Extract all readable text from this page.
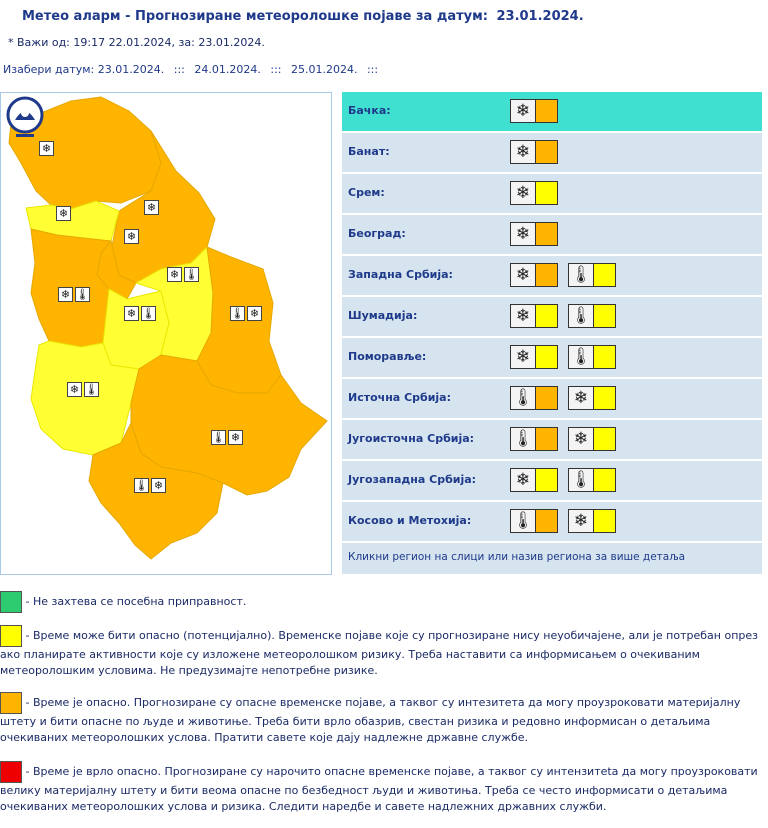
Метео аларм - Прогнозиране метеоролошке појаве за датум: 23.01.2024.
* Важи од: 19:17 22.01.2024, за: 23.01.2024.
Изабери датум: 23.01.2024. ::: 24.01.2024. ::: 25.01.2024. :::
❄
❄	❄
❄
❄ 🌡
❄ 🌡
❄ 🌡	🌡 ❄
❄ 🌡
🌡 ❄
🌡 ❄
Бачка:	❄
Банат:	❄
Срем:	❄
Београд:	❄
Западна Србија:	❄ 🌡
Шумадија:	❄ 🌡
Поморавље:	❄ 🌡
Источна Србија:	🌡 ❄
Југоисточна Србија: 🌡 ❄
Југозападна Србија: ❄ 🌡
Косово и Метохија: 🌡 ❄
Кликни регион на слици или назив региона за више детаља
- Не захтева се посебна приправност.
- Време може бити опасно (потенцијално). Временске појаве које су прогнозиране нису неуобичајене, али је потребан опрез ако планирате активности које су изложене метеоролошком ризику. Треба наставити са информисањем о очекиваним метеоролошким условима. Не предузимајте непотребне ризике.
- Време је опасно. Прогнозиране су опасне временске појаве, а таквог су интезитета да могу проузроковати материјалну штету и бити опасне по људе и животиње. Треба бити врло обазрив, свестан ризика и редовно информисан о детаљима очекиваних метеоролошких услова. Пратити савете које дају надлежне државне службе.
- Време је врло опасно. Прогнозиране су нарочито опасне временске појаве, а таквог су интензитеta да могу проузроковати велику материјалну штету и бити веома опасне по безбедност људи и животиња. Треба се често информисати о детаљима очекиваних метеоролошких услова и ризика. Следити наредбе и савете надлежних државних служби.
